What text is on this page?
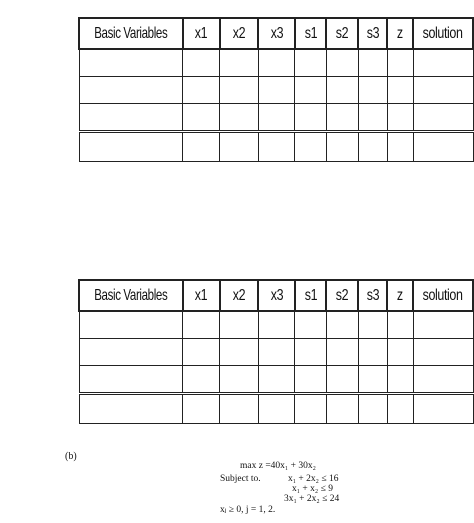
Basic Variables	x1	x2	x3	s1	s2	s3	z	solution

Basic Variables	x1	x2	x3	s1	s2	s3	z	solution

(b)
max z =40x₁ + 30x₂
Subject to.	x₁ + 2x₂ ≤ 16
x₁ + x₂ ≤ 9
3x₁ + 2x₂ ≤ 24
xⱼ ≥ 0, j = 1, 2.
